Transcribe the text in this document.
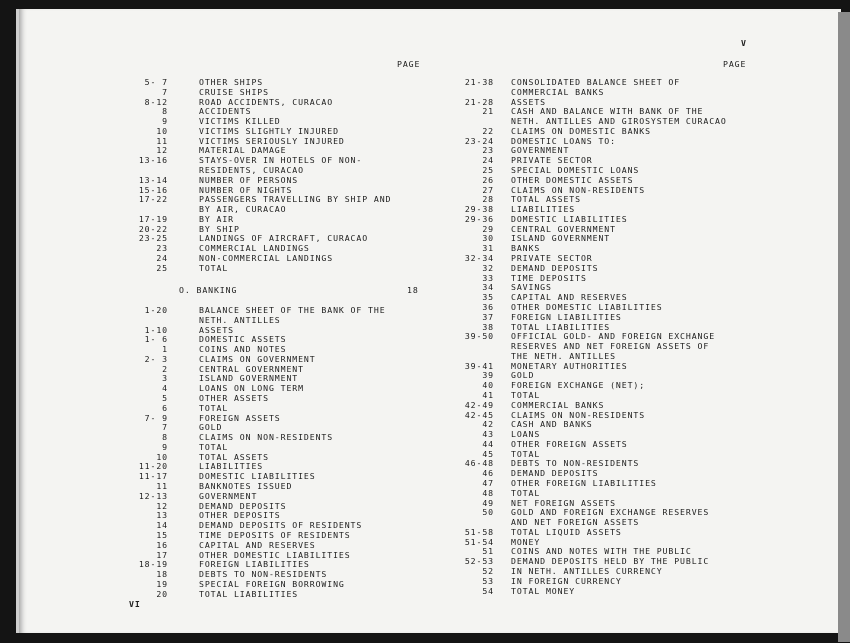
V
PAGE	PAGE
5- 7	OTHER SHIPS
7	CRUISE SHIPS
8-12	ROAD ACCIDENTS, CURACAO
8	ACCIDENTS
9	VICTIMS KILLED
10	VICTIMS SLIGHTLY INJURED
11	VICTIMS SERIOUSLY INJURED
12	MATERIAL DAMAGE
13-16	STAYS-OVER IN HOTELS OF NON-
RESIDENTS, CURACAO
13-14	NUMBER OF PERSONS
15-16	NUMBER OF NIGHTS
17-22	PASSENGERS TRAVELLING BY SHIP AND
BY AIR, CURACAO
17-19	BY AIR
20-22	BY SHIP
23-25	LANDINGS OF AIRCRAFT, CURACAO
23	COMMERCIAL LANDINGS
24	NON-COMMERCIAL LANDINGS
25	TOTAL
O. BANKING	18
1-20	BALANCE SHEET OF THE BANK OF THE
NETH. ANTILLES
1-10	ASSETS
1- 6	DOMESTIC ASSETS
1	COINS AND NOTES
2- 3	CLAIMS ON GOVERNMENT
2	CENTRAL GOVERNMENT
3	ISLAND GOVERNMENT
4	LOANS ON LONG TERM
5	OTHER ASSETS
6	TOTAL
7- 9	FOREIGN ASSETS
7	GOLD
8	CLAIMS ON NON-RESIDENTS
9	TOTAL
10	TOTAL ASSETS
11-20	LIABILITIES
11-17	DOMESTIC LIABILITIES
11	BANKNOTES ISSUED
12-13	GOVERNMENT
12	DEMAND DEPOSITS
13	OTHER DEPOSITS
14	DEMAND DEPOSITS OF RESIDENTS
15	TIME DEPOSITS OF RESIDENTS
16	CAPITAL AND RESERVES
17	OTHER DOMESTIC LIABILITIES
18-19	FOREIGN LIABILITIES
18	DEBTS TO NON-RESIDENTS
19	SPECIAL FOREIGN BORROWING
20	TOTAL LIABILITIES
21-38 CONSOLIDATED BALANCE SHEET OF
COMMERCIAL BANKS
21-28 ASSETS
21 CASH AND BALANCE WITH BANK OF THE
NETH. ANTILLES AND GIROSYSTEM CURACAO
22 CLAIMS ON DOMESTIC BANKS
23-24 DOMESTIC LOANS TO:
23 GOVERNMENT
24 PRIVATE SECTOR
25 SPECIAL DOMESTIC LOANS
26 OTHER DOMESTIC ASSETS
27 CLAIMS ON NON-RESIDENTS
28 TOTAL ASSETS
29-38 LIABILITIES
29-36 DOMESTIC LIABILITIES
29 CENTRAL GOVERNMENT
30 ISLAND GOVERNMENT
31 BANKS
32-34 PRIVATE SECTOR
32 DEMAND DEPOSITS
33 TIME DEPOSITS
34 SAVINGS
35 CAPITAL AND RESERVES
36 OTHER DOMESTIC LIABILITIES
37 FOREIGN LIABILITIES
38 TOTAL LIABILITIES
39-50 OFFICIAL GOLD- AND FOREIGN EXCHANGE
RESERVES AND NET FOREIGN ASSETS OF
THE NETH. ANTILLES
39-41 MONETARY AUTHORITIES
39 GOLD
40 FOREIGN EXCHANGE (NET);
41 TOTAL
42-49 COMMERCIAL BANKS
42-45 CLAIMS ON NON-RESIDENTS
42 CASH AND BANKS
43 LOANS
44 OTHER FOREIGN ASSETS
45 TOTAL
46-48 DEBTS TO NON-RESIDENTS
46 DEMAND DEPOSITS
47 OTHER FOREIGN LIABILITIES
48 TOTAL
49 NET FOREIGN ASSETS
50 GOLD AND FOREIGN EXCHANGE RESERVES
AND NET FOREIGN ASSETS
51-58 TOTAL LIQUID ASSETS
51-54 MONEY
51 COINS AND NOTES WITH THE PUBLIC
52-53 DEMAND DEPOSITS HELD BY THE PUBLIC
52 IN NETH. ANTILLES CURRENCY
53 IN FOREIGN CURRENCY
54 TOTAL MONEY
VI
